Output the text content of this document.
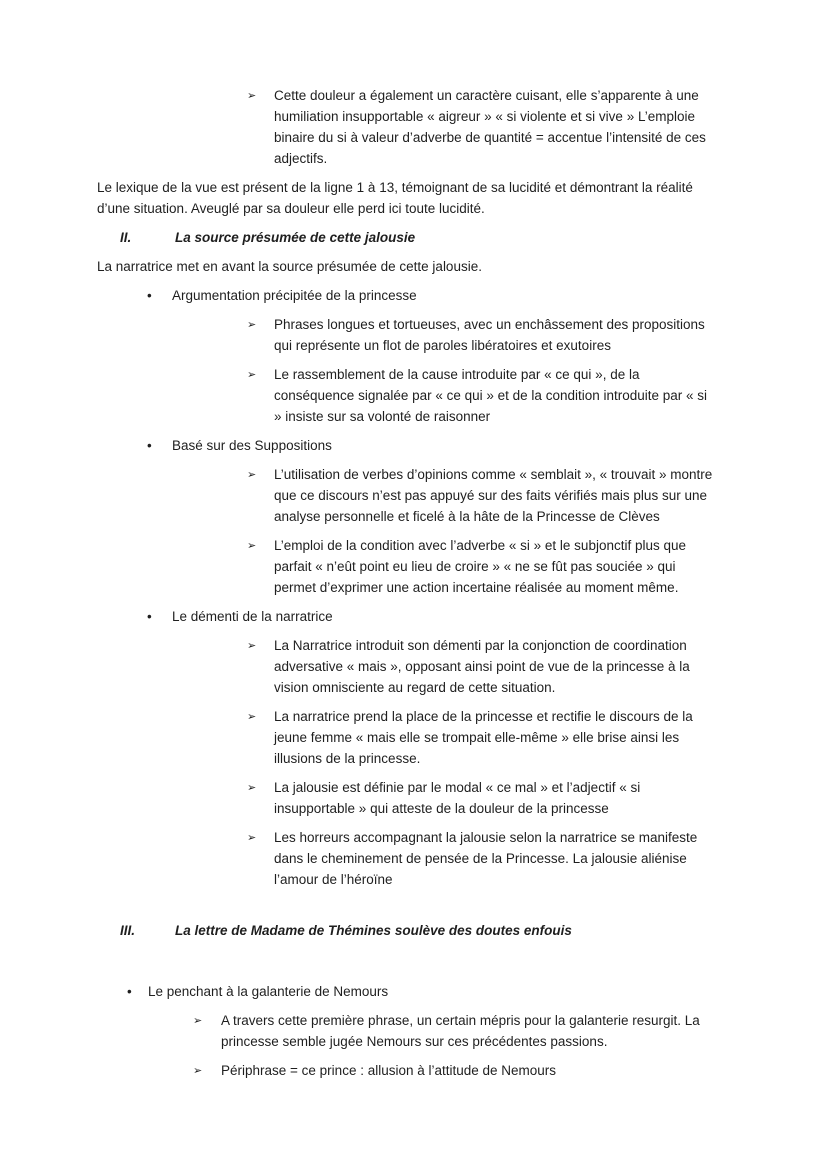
➢	Cette douleur a également un caractère cuisant, elle s’apparente à une humiliation insupportable « aigreur » « si violente et si vive » L’emploie binaire du si à valeur d’adverbe de quantité = accentue l’intensité de ces adjectifs.
Le lexique de la vue est présent de la ligne 1 à 13, témoignant de sa lucidité et démontrant la réalité d’une situation. Aveuglé par sa douleur elle perd ici toute lucidité.
II.	La source présumée de cette jalousie
La narratrice met en avant la source présumée de cette jalousie.
•	Argumentation précipitée de la princesse
➢	Phrases longues et tortueuses, avec un enchâssement des propositions qui représente un flot de paroles libératoires et exutoires
➢	Le rassemblement de la cause introduite par « ce qui », de la conséquence signalée par « ce qui » et de la condition introduite par « si » insiste sur sa volonté de raisonner
•	Basé sur des Suppositions
➢	L’utilisation de verbes d’opinions comme « semblait », « trouvait » montre que ce discours n’est pas appuyé sur des faits vérifiés mais plus sur une analyse personnelle et ficelé à la hâte de la Princesse de Clèves
➢	L’emploi de la condition avec l’adverbe « si » et le subjonctif plus que parfait « n’eût point eu lieu de croire » « ne se fût pas souciée » qui permet d’exprimer une action incertaine réalisée au moment même.
•	Le démenti de la narratrice
➢	La Narratrice introduit son démenti par la conjonction de coordination adversative « mais », opposant ainsi point de vue de la princesse à la vision omnisciente au regard de cette situation.
➢	La narratrice prend la place de la princesse et rectifie le discours de la jeune femme « mais elle se trompait elle-même » elle brise ainsi les illusions de la princesse.
➢	La jalousie est définie par le modal « ce mal » et l’adjectif « si insupportable » qui atteste de la douleur de la princesse
➢	Les horreurs accompagnant la jalousie selon la narratrice se manifeste dans le cheminement de pensée de la Princesse. La jalousie aliénise l’amour de l’héroïne
III.	La lettre de Madame de Thémines soulève des doutes enfouis
•	Le penchant à la galanterie de Nemours
➢	A travers cette première phrase, un certain mépris pour la galanterie resurgit. La princesse semble jugée Nemours sur ces précédentes passions.
➢	Périphrase = ce prince : allusion à l’attitude de Nemours
